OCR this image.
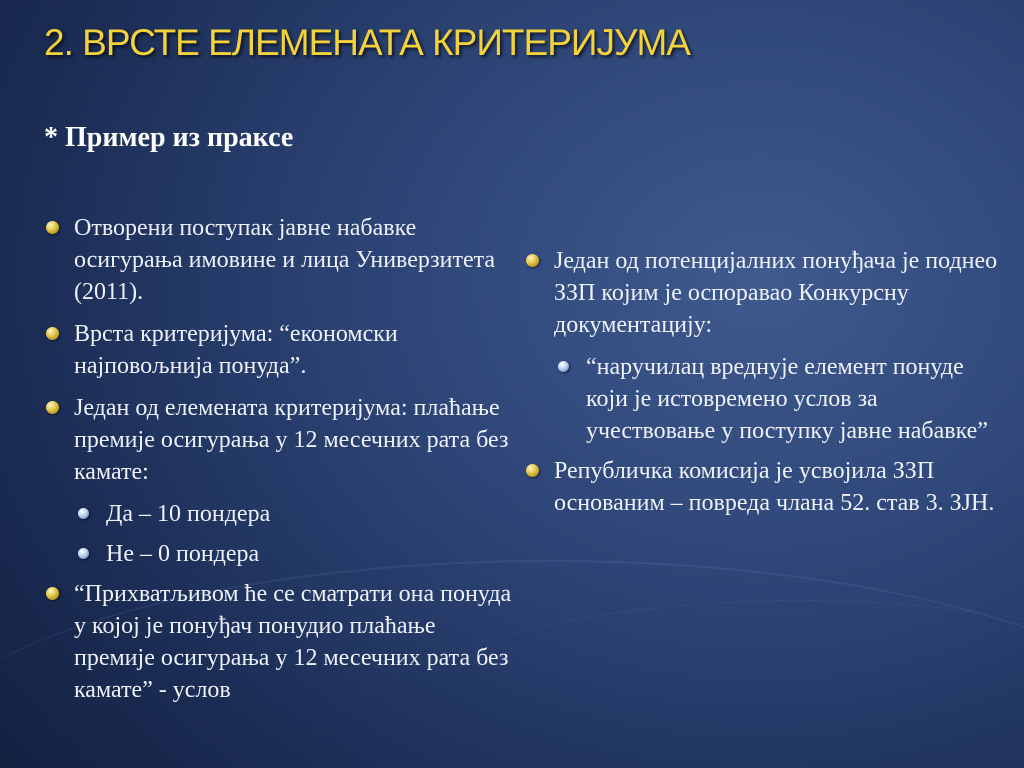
2. ВРСТЕ ЕЛЕМЕНАТА КРИТЕРИЈУМА
* Пример из праксе
Отворени поступак јавне набавке осигурања имовине и лица Универзитета (2011).
Врста критеријума: “економски најповољнија понуда”.
Један од елемената критеријума: плаћање премије осигурања у 12 месечних рата без камате:
Да – 10 пондера
Не – 0 пондера
“Прихватљивом ће се сматрати она понуда у којој је понуђач понудио плаћање премије осигурања у 12 месечних рата без камате” - услов
Један од потенцијалних понуђача је поднео ЗЗП којим је оспоравао Конкурсну документацију:
“наручилац вреднује елемент понуде који је истовремено услов за учествовање у поступку јавне набавке”
Републичка комисија је усвојила ЗЗП основаним – повреда члана 52. став 3. ЗЈН.
